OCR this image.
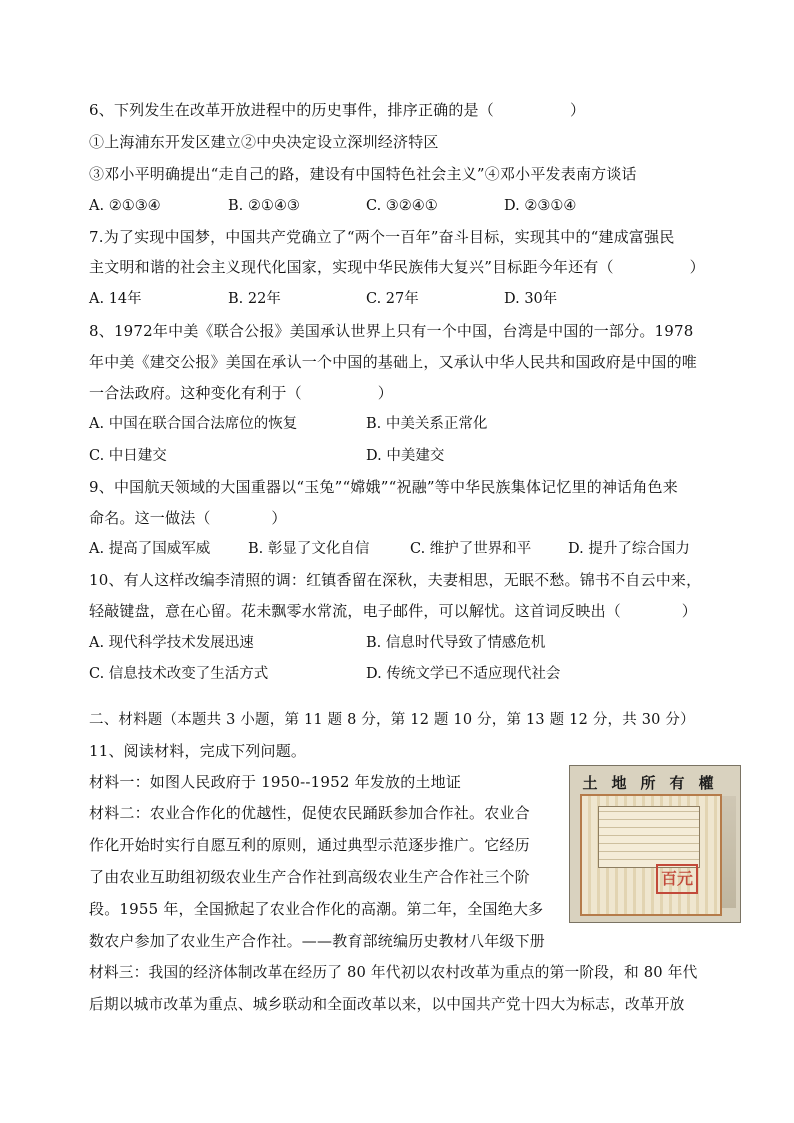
6、下列发生在改革开放进程中的历史事件，排序正确的是（　　　　　）
①上海浦东开发区建立②中央决定设立深圳经济特区
③邓小平明确提出“走自己的路，建设有中国特色社会主义”④邓小平发表南方谈话
A. ②①③④	B. ②①④③	C. ③②④①	D. ②③①④
7.为了实现中国梦，中国共产党确立了“两个一百年”奋斗目标，实现其中的“建成富强民
主文明和谐的社会主义现代化国家，实现中华民族伟大复兴”目标距今年还有（　　　　　）
A. 14年	B. 22年	C. 27年	D. 30年
8、1972年中美《联合公报》美国承认世界上只有一个中国，台湾是中国的一部分。1978
年中美《建交公报》美国在承认一个中国的基础上，又承认中华人民共和国政府是中国的唯
一合法政府。这种变化有利于（　　　　　）
A. 中国在联合国合法席位的恢复	B. 中美关系正常化
C. 中日建交	D. 中美建交
9、中国航天领域的大国重器以“玉兔”“嫦娥”“祝融”等中华民族集体记忆里的神话角色来
命名。这一做法（　　　　）
A. 提高了国威军威	B. 彰显了文化自信	C. 维护了世界和平	D. 提升了综合国力
10、有人这样改编李清照的调：红镇香留在深秋，夫妻相思，无眠不愁。锦书不自云中来，
轻敲键盘，意在心留。花未飘零水常流，电子邮件，可以解忧。这首词反映出（　　　　）
A. 现代科学技术发展迅速	B. 信息时代导致了情感危机
C. 信息技术改变了生活方式	D. 传统文学已不适应现代社会
二、材料题（本题共 3 小题，第 11 题 8 分，第 12 题 10 分，第 13 题 12 分，共 30 分）
11、阅读材料，完成下列问题。
材料一：如图人民政府于 1950--1952 年发放的土地证
材料二：农业合作化的优越性，促使农民踊跃参加合作社。农业合
作化开始时实行自愿互利的原则，通过典型示范逐步推广。它经历
了由农业互助组初级农业生产合作社到高级农业生产合作社三个阶
段。1955 年，全国掀起了农业合作化的高潮。第二年，全国绝大多
数农户参加了农业生产合作社。——教育部统编历史教材八年级下册
材料三：我国的经济体制改革在经历了 80 年代初以农村改革为重点的第一阶段，和 80 年代
后期以城市改革为重点、城乡联动和全面改革以来，以中国共产党十四大为标志，改革开放
土地所有權
百元
